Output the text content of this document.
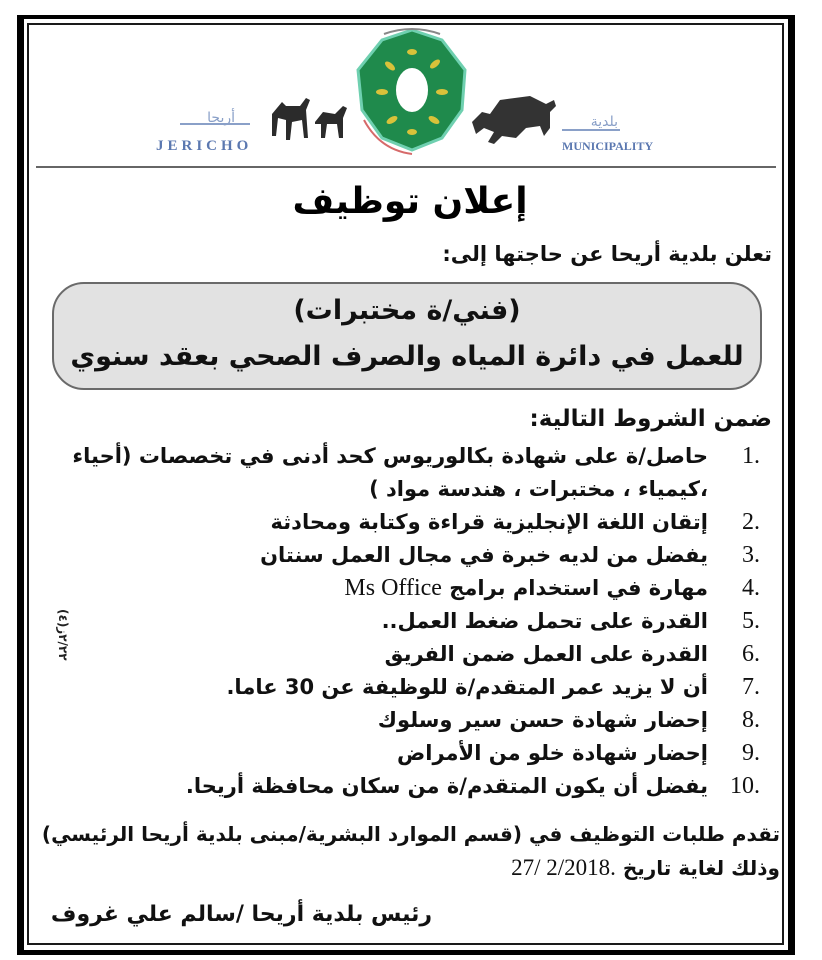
أريحا
JERICHO
بلدية
MUNICIPALITY
إعلان توظيف
تعلن بلدية أريحا عن حاجتها إلى:
(فني/ة مختبرات)
للعمل في دائرة المياه والصرف الصحي بعقد سنوي
ضمن الشروط التالية:
1.
حاصل/ة على شهادة بكالوريوس كحد أدنى في تخصصات (أحياء
،كيمياء ، مختبرات ، هندسة مواد )
2.
إتقان اللغة الإنجليزية قراءة وكتابة ومحادثة
3.
يفضل من لديه خبرة في مجال العمل سنتان
4.
مهارة في استخدام برامج Ms Office
5.
القدرة على تحمل ضغط العمل..
6.
القدرة على العمل ضمن الفريق
7.
أن لا يزيد عمر المتقدم/ة للوظيفة عن 30 عاما.
8.
إحضار شهادة حسن سير وسلوك
9.
إحضار شهادة خلو من الأمراض
10.
يفضل أن يكون المتقدم/ة من سكان محافظة أريحا.
تقدم طلبات التوظيف في (قسم الموارد البشرية/مبنى بلدية أريحا الرئيسي)
وذلك لغاية تاريخ 27/ 2/2018.
رئيس بلدية أريحا /سالم علي غروف
(٤)٢/٢٢ز
